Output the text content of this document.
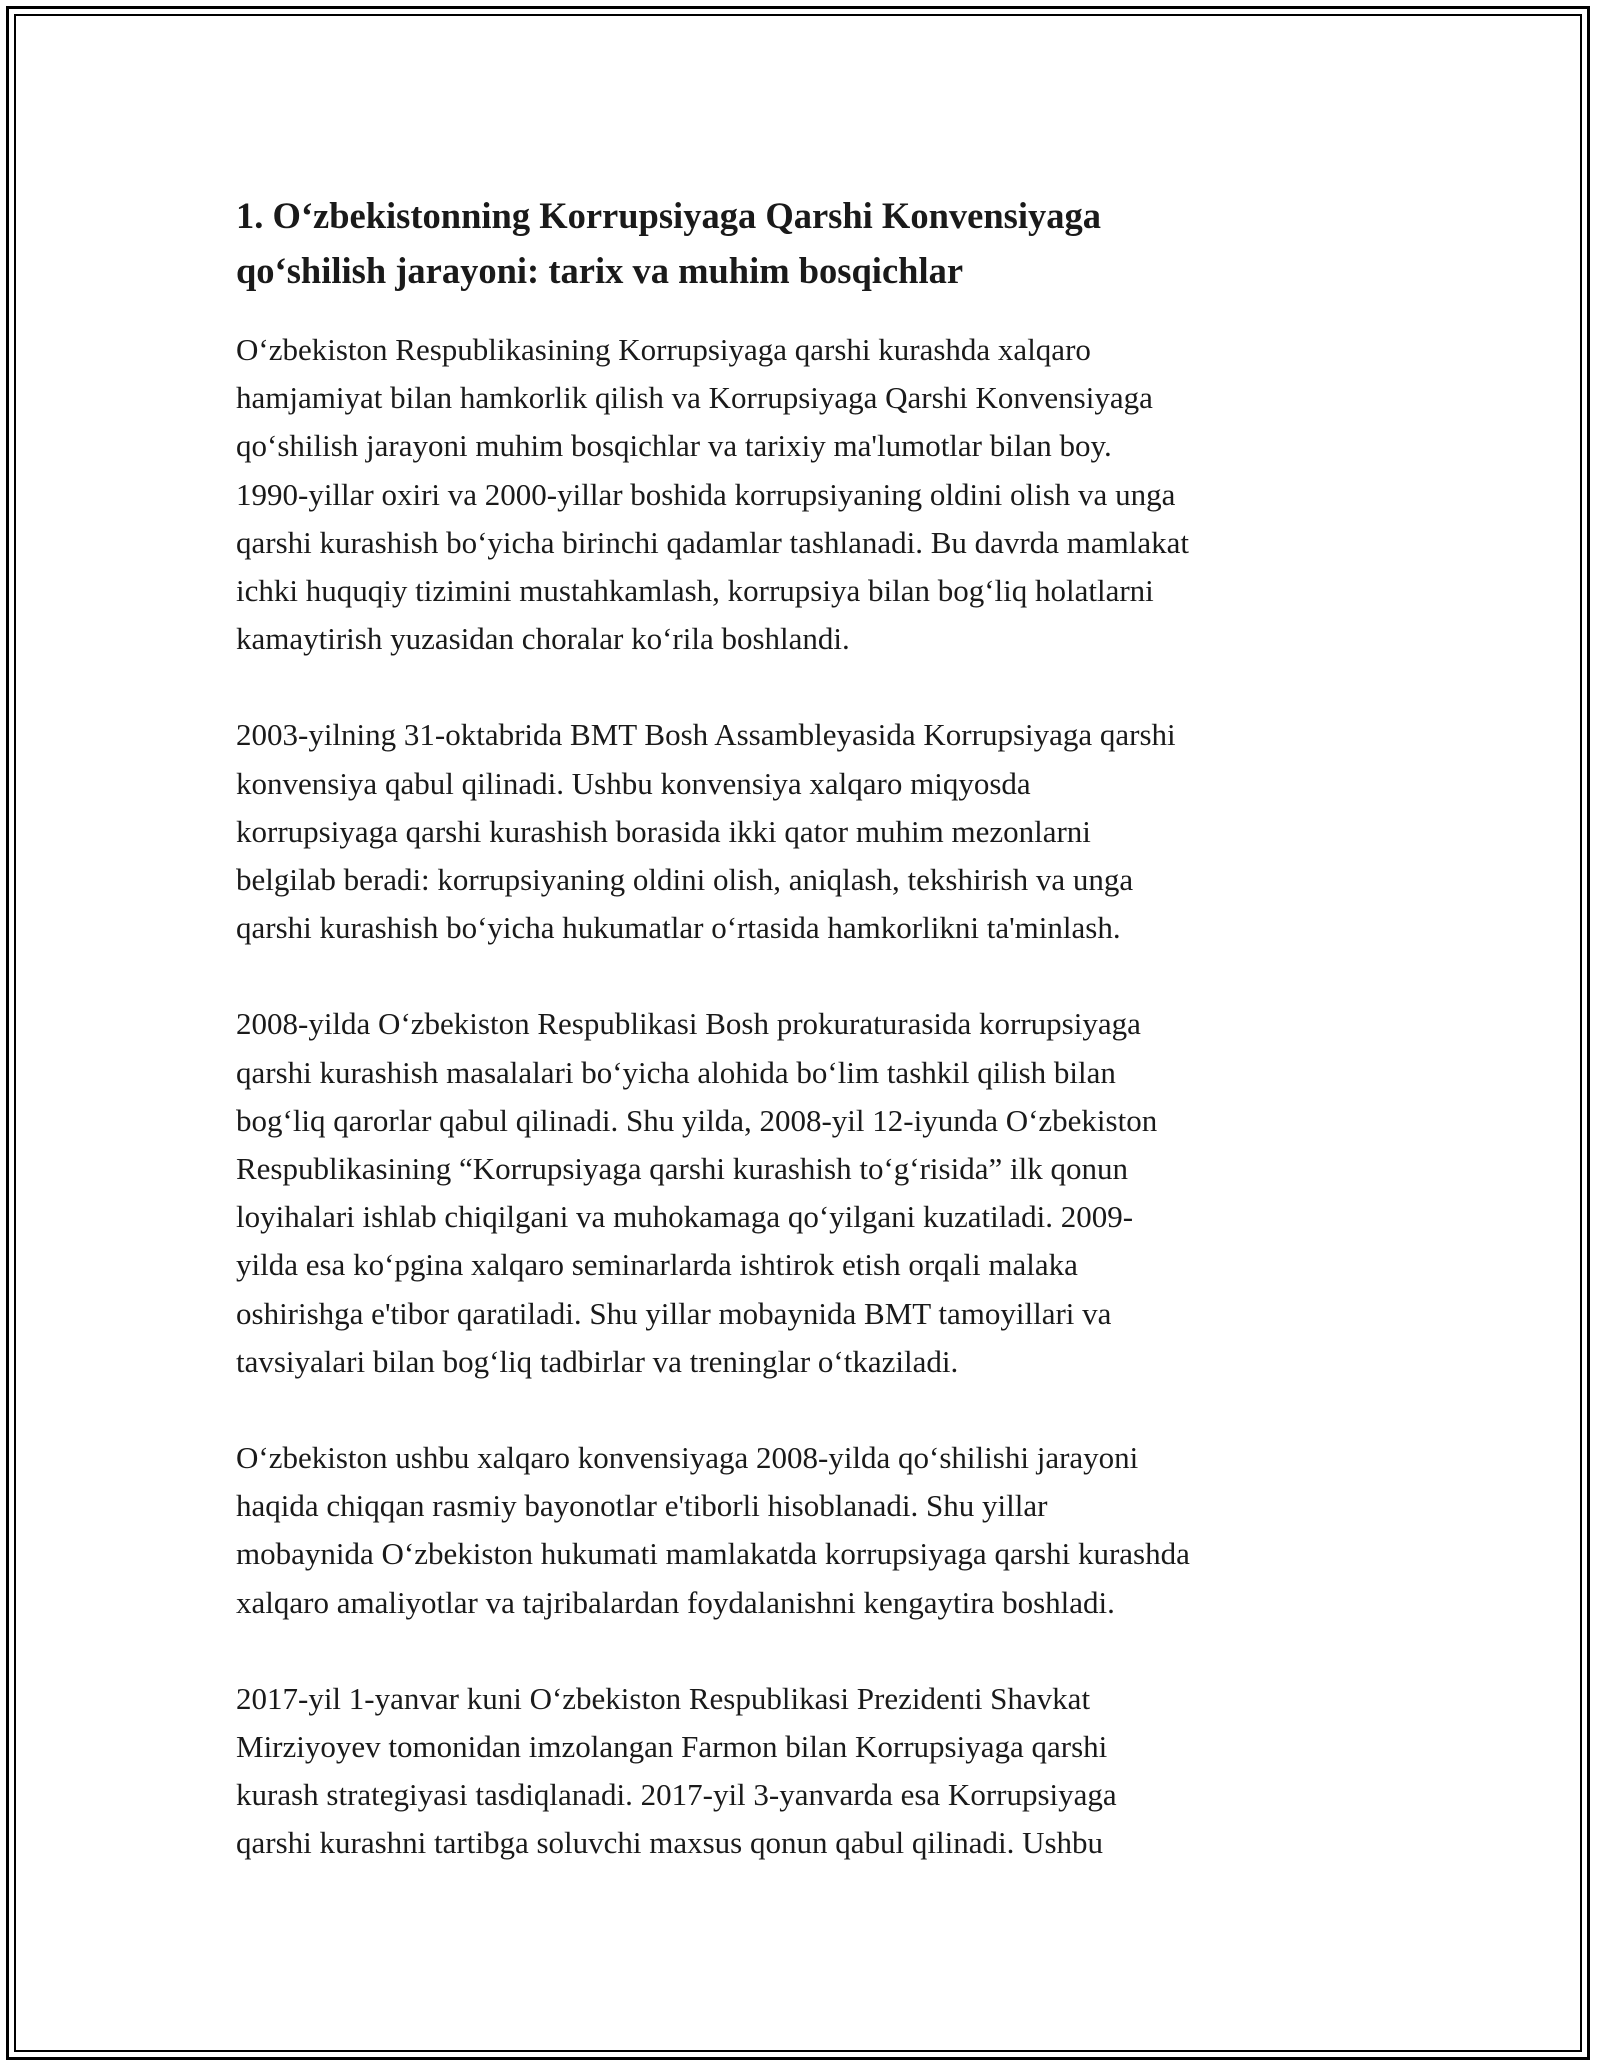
1. O‘zbekistonning Korrupsiyaga Qarshi Konvensiyaga
qo‘shilish jarayoni: tarix va muhim bosqichlar

O‘zbekiston Respublikasining Korrupsiyaga qarshi kurashda xalqaro
hamjamiyat bilan hamkorlik qilish va Korrupsiyaga Qarshi Konvensiyaga
qo‘shilish jarayoni muhim bosqichlar va tarixiy ma'lumotlar bilan boy.
1990-yillar oxiri va 2000-yillar boshida korrupsiyaning oldini olish va unga
qarshi kurashish bo‘yicha birinchi qadamlar tashlanadi. Bu davrda mamlakat
ichki huquqiy tizimini mustahkamlash, korrupsiya bilan bog‘liq holatlarni
kamaytirish yuzasidan choralar ko‘rila boshlandi.

2003-yilning 31-oktabrida BMT Bosh Assambleyasida Korrupsiyaga qarshi
konvensiya qabul qilinadi. Ushbu konvensiya xalqaro miqyosda
korrupsiyaga qarshi kurashish borasida ikki qator muhim mezonlarni
belgilab beradi: korrupsiyaning oldini olish, aniqlash, tekshirish va unga
qarshi kurashish bo‘yicha hukumatlar o‘rtasida hamkorlikni ta'minlash.

2008-yilda O‘zbekiston Respublikasi Bosh prokuraturasida korrupsiyaga
qarshi kurashish masalalari bo‘yicha alohida bo‘lim tashkil qilish bilan
bog‘liq qarorlar qabul qilinadi. Shu yilda, 2008-yil 12-iyunda O‘zbekiston
Respublikasining “Korrupsiyaga qarshi kurashish to‘g‘risida” ilk qonun
loyihalari ishlab chiqilgani va muhokamaga qo‘yilgani kuzatiladi. 2009-
yilda esa ko‘pgina xalqaro seminarlarda ishtirok etish orqali malaka
oshirishga e'tibor qaratiladi. Shu yillar mobaynida BMT tamoyillari va
tavsiyalari bilan bog‘liq tadbirlar va treninglar o‘tkaziladi.

O‘zbekiston ushbu xalqaro konvensiyaga 2008-yilda qo‘shilishi jarayoni
haqida chiqqan rasmiy bayonotlar e'tiborli hisoblanadi. Shu yillar
mobaynida O‘zbekiston hukumati mamlakatda korrupsiyaga qarshi kurashda
xalqaro amaliyotlar va tajribalardan foydalanishni kengaytira boshladi.

2017-yil 1-yanvar kuni O‘zbekiston Respublikasi Prezidenti Shavkat
Mirziyoyev tomonidan imzolangan Farmon bilan Korrupsiyaga qarshi
kurash strategiyasi tasdiqlanadi. 2017-yil 3-yanvarda esa Korrupsiyaga
qarshi kurashni tartibga soluvchi maxsus qonun qabul qilinadi. Ushbu
